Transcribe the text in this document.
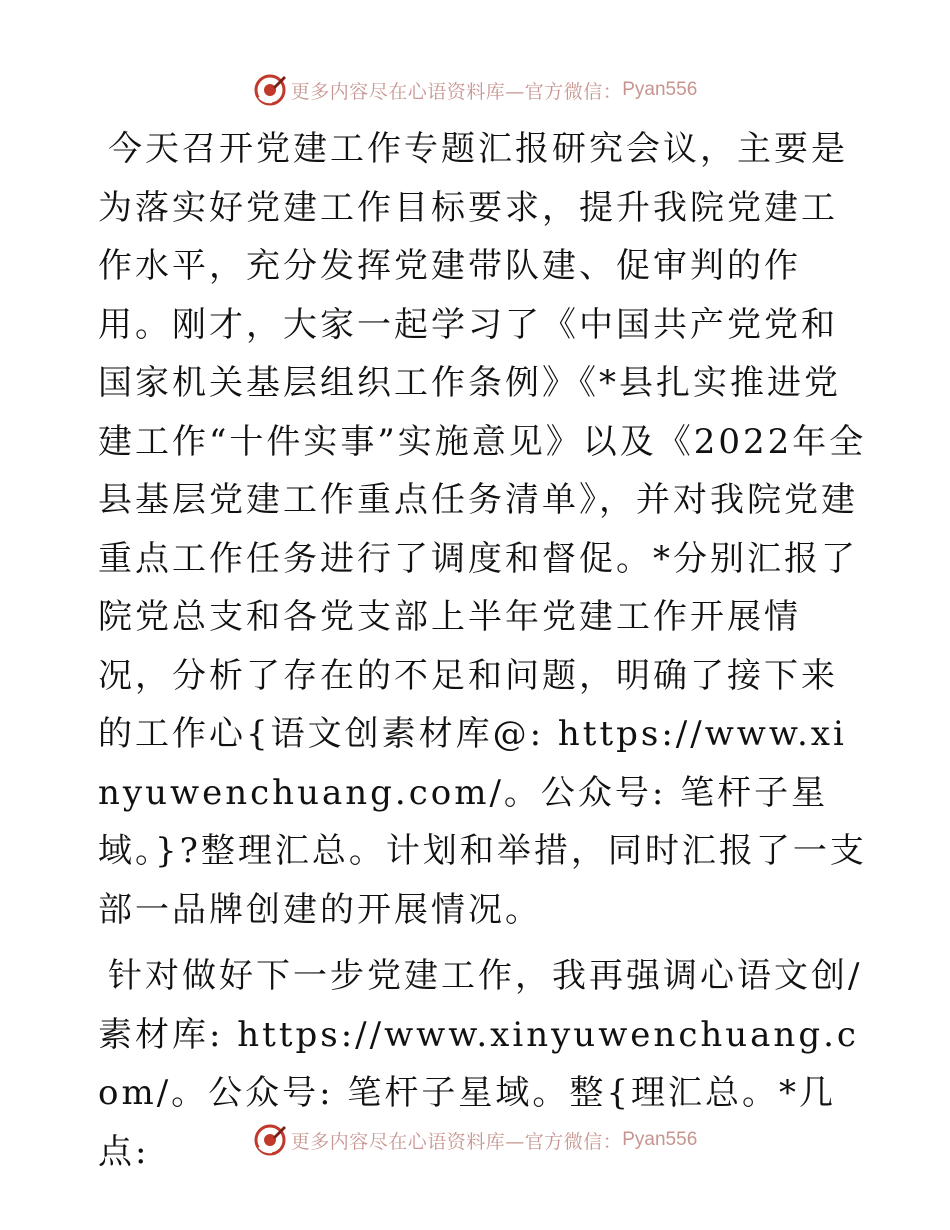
更多内容尽在心语资料库—官方微信： Pyan556

今天召开党建工作专题汇报研究会议，主要是为落实好党建工作目标要求，提升我院党建工作水平，充分发挥党建带队建、促审判的作用。刚才，大家一起学习了《中国共产党党和国家机关基层组织工作条例》《*县扎实推进党建工作“十件实事”实施意见》以及《2022年全县基层党建工作重点任务清单》，并对我院党建重点工作任务进行了调度和督促。*分别汇报了院党总支和各党支部上半年党建工作开展情况，分析了存在的不足和问题，明确了接下来的工作心{语文创素材库@: https://www.xinyuwenchuang.com/。公众号: 笔杆子星域。}?整理汇总。计划和举措，同时汇报了一支部一品牌创建的开展情况。

针对做好下一步党建工作，我再强调心语文创/素材库: https://www.xinyuwenchuang.com/。公众号: 笔杆子星域。整{理汇总。*几点:	更多内容尽在心语资料库—官方微信： Pyan556
